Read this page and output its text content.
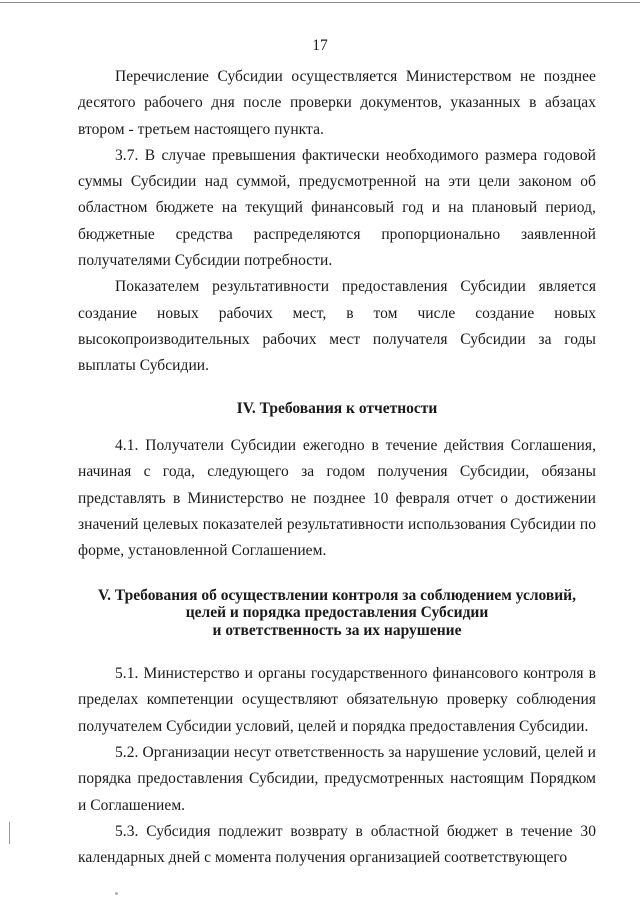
17

Перечисление Субсидии осуществляется Министерством не позднее десятого рабочего дня после проверки документов, указанных в абзацах втором - третьем настоящего пункта.

3.7. В случае превышения фактически необходимого размера годовой суммы Субсидии над суммой, предусмотренной на эти цели законом об областном бюджете на текущий финансовый год и на плановый период, бюджетные средства распределяются пропорционально заявленной получателями Субсидии потребности.

Показателем результативности предоставления Субсидии является создание новых рабочих мест, в том числе создание новых высокопроизводительных рабочих мест получателя Субсидии за годы выплаты Субсидии.

IV. Требования к отчетности

4.1. Получатели Субсидии ежегодно в течение действия Соглашения, начиная с года, следующего за годом получения Субсидии, обязаны представлять в Министерство не позднее 10 февраля отчет о достижении значений целевых показателей результативности использования Субсидии по форме, установленной Соглашением.

V. Требования об осуществлении контроля за соблюдением условий,
целей и порядка предоставления Субсидии
и ответственность за их нарушение

5.1. Министерство и органы государственного финансового контроля в пределах компетенции осуществляют обязательную проверку соблюдения получателем Субсидии условий, целей и порядка предоставления Субсидии.

5.2. Организации несут ответственность за нарушение условий, целей и порядка предоставления Субсидии, предусмотренных настоящим Порядком и Соглашением.

5.3. Субсидия подлежит возврату в областной бюджет в течение 30 календарных дней с момента получения организацией соответствующего
